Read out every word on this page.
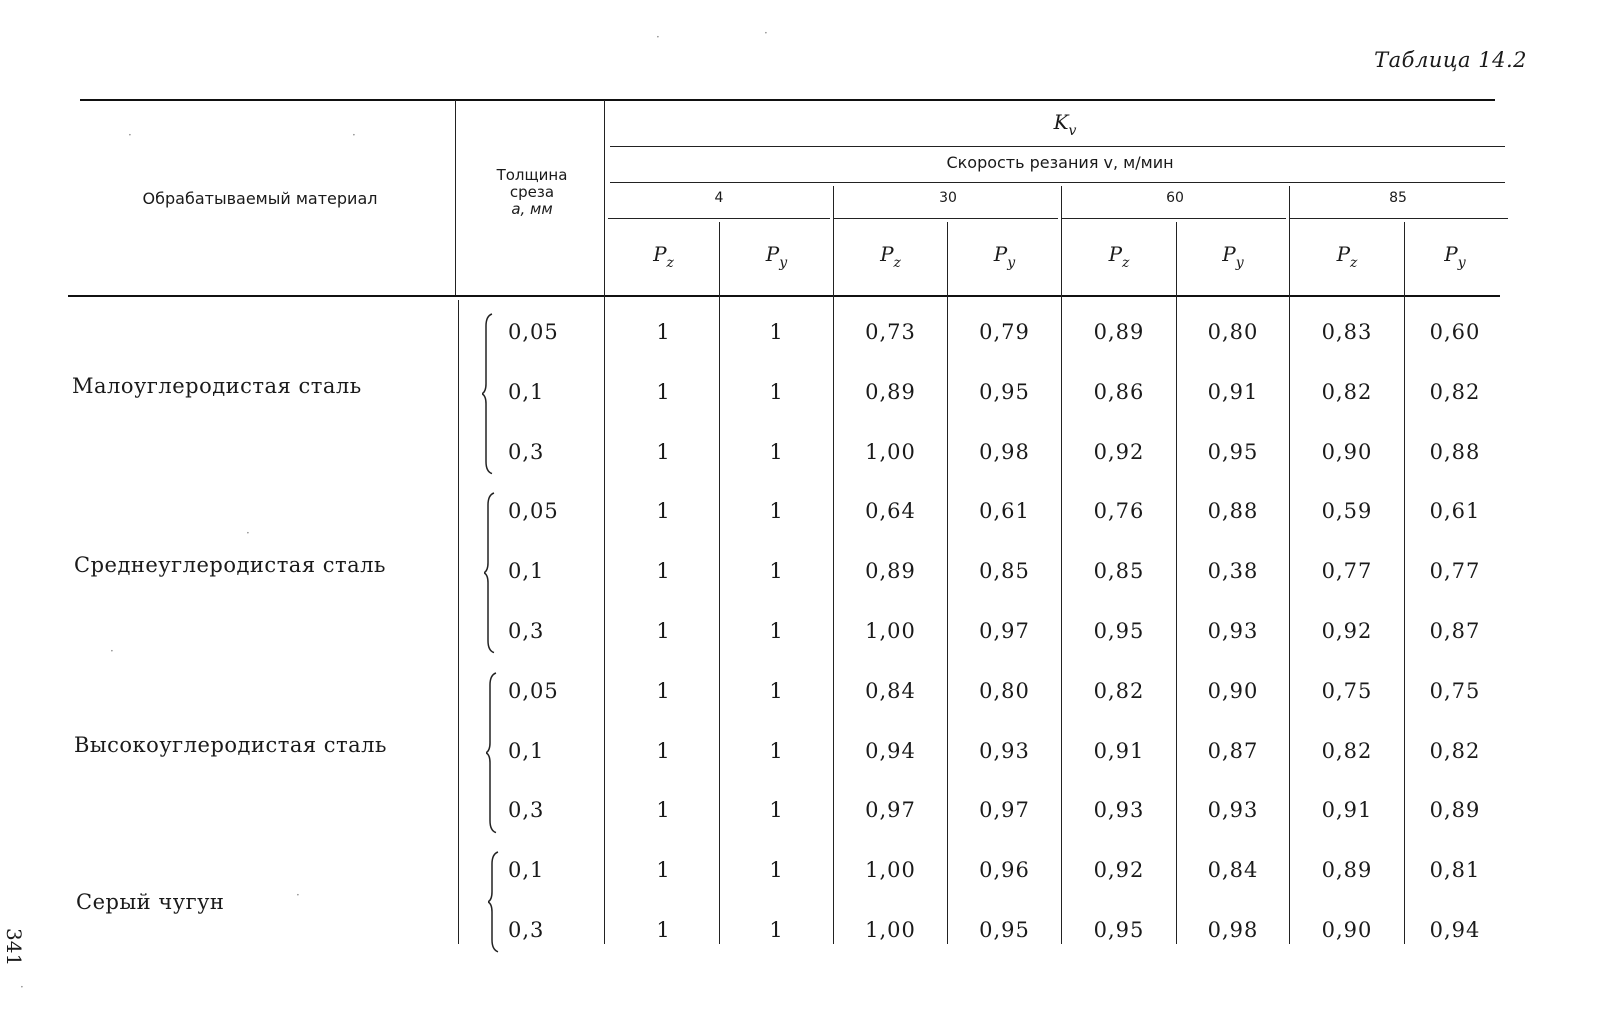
Таблица 14.2
341
·	·
·	·
·
·
·
·
Обрабатываемый материал
Толщина
среза
a, мм
$K_v$
Скорость резания v, м/мин
4	30	60	85
$P_z$	$P_y$	$P_z$	$P_y$	$P_z$	$P_y$	$P_z$	$P_y$
Малоуглеродистая сталь
0,05	1	1	0,73	0,79	0,89	0,80	0,83	0,60
0,1	1	1	0,89	0,95	0,86	0,91	0,82	0,82
0,3	1	1	1,00	0,98	0,92	0,95	0,90	0,88
Среднеуглеродистая сталь
0,05	1	1	0,64	0,61	0,76	0,88	0,59	0,61
0,1	1	1	0,89	0,85	0,85	0,38	0,77	0,77
0,3	1	1	1,00	0,97	0,95	0,93	0,92	0,87
Высокоуглеродистая сталь
0,05	1	1	0,84	0,80	0,82	0,90	0,75	0,75
0,1	1	1	0,94	0,93	0,91	0,87	0,82	0,82
0,3	1	1	0,97	0,97	0,93	0,93	0,91	0,89
Серый чугун
0,1	1	1	1,00	0,96	0,92	0,84	0,89	0,81
0,3	1	1	1,00	0,95	0,95	0,98	0,90	0,94
